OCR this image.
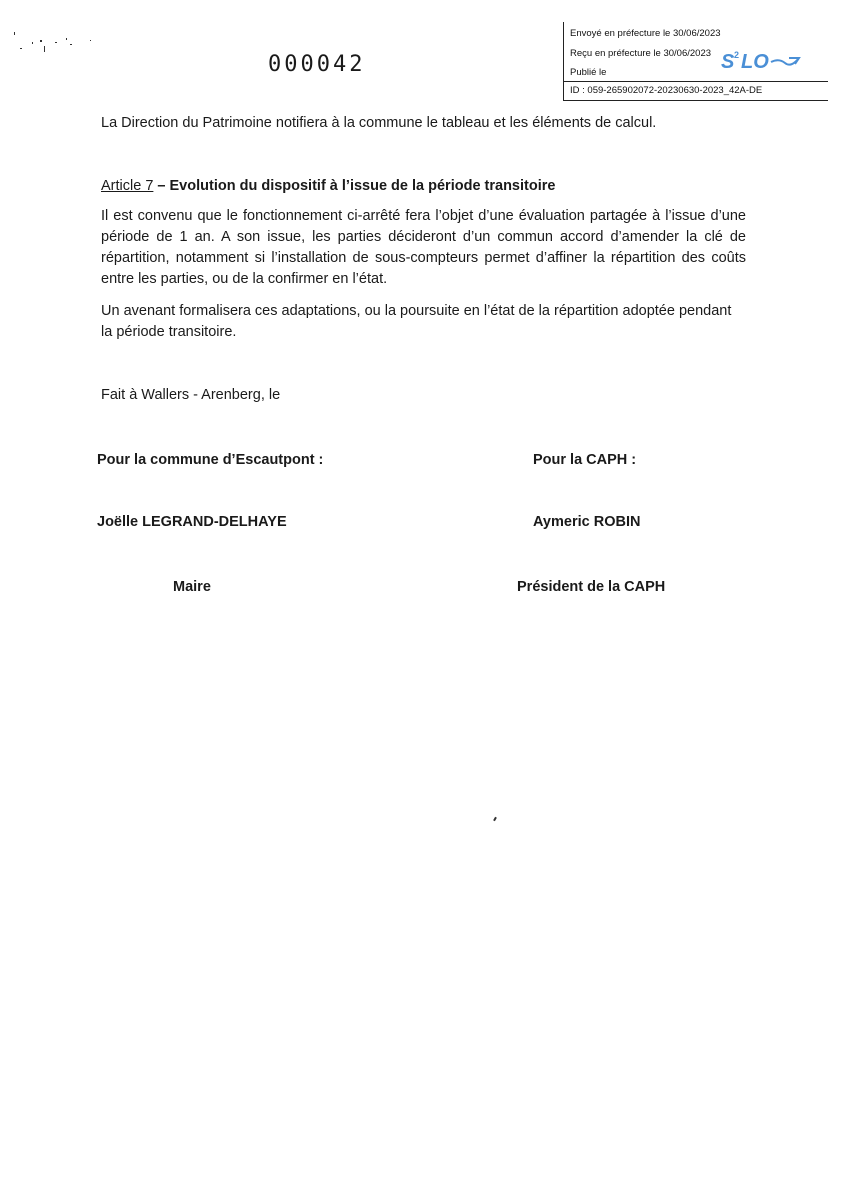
000042
Envoyé en préfecture le 30/06/2023
Reçu en préfecture le 30/06/2023
Publié le	S 2 LO
ID : 059-265902072-20230630-2023_42A-DE
La Direction du Patrimoine notifiera à la commune le tableau et les éléments de calcul.
Article 7 – Evolution du dispositif à l’issue de la période transitoire
Il est convenu que le fonctionnement ci-arrêté fera l’objet d’une évaluation partagée à l’issue d’une période de 1 an. A son issue, les parties décideront d’un commun accord d’amender la clé de répartition, notamment si l’installation de sous-compteurs permet d’affiner la répartition des coûts entre les parties, ou de la confirmer en l’état.
Un avenant formalisera ces adaptations, ou la poursuite en l’état de la répartition adoptée pendant la période transitoire.
Fait à Wallers - Arenberg, le
Pour la commune d’Escautpont :	Pour la CAPH :
Joëlle LEGRAND-DELHAYE	Aymeric ROBIN
Maire	Président de la CAPH
